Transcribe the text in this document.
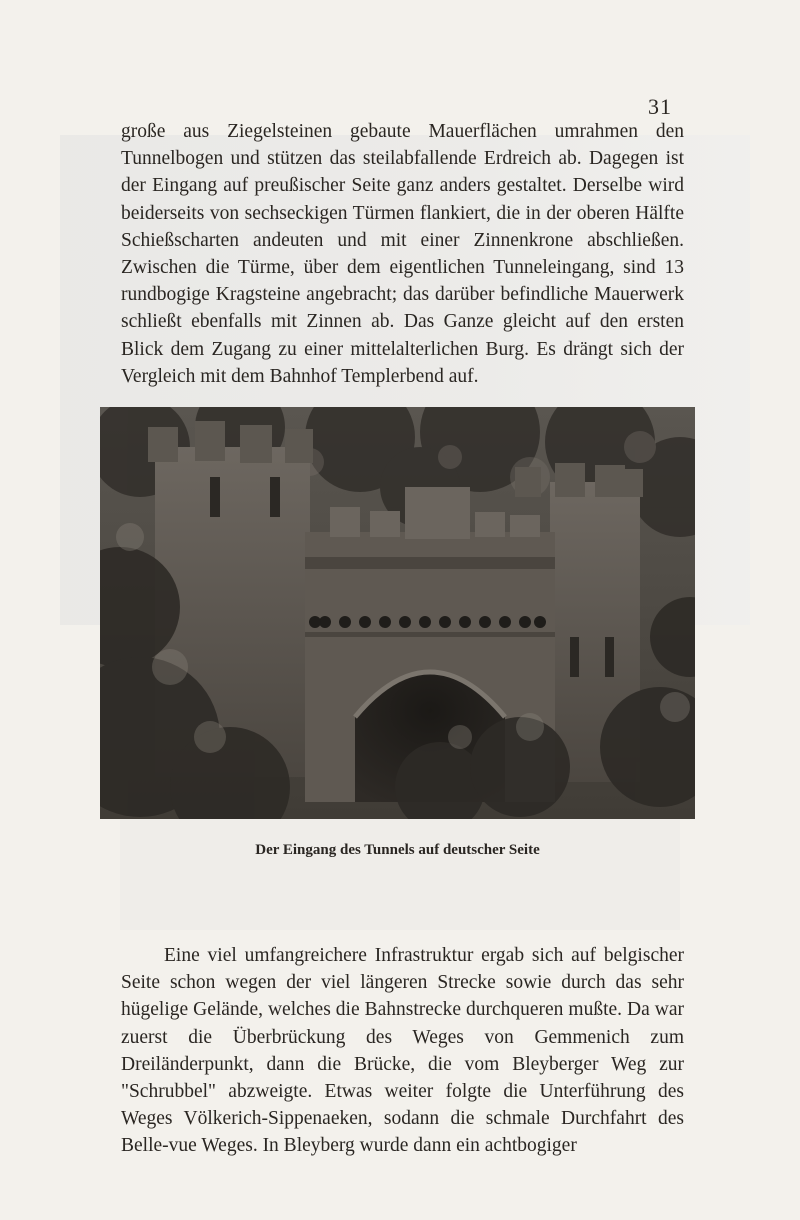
31

große aus Ziegelsteinen gebaute Mauerflächen umrahmen den Tunnelbogen und stützen das steilabfallende Erdreich ab. Dagegen ist der Eingang auf preußischer Seite ganz anders gestaltet. Derselbe wird beiderseits von sechseckigen Türmen flankiert, die in der oberen Hälfte Schießscharten andeuten und mit einer Zinnenkrone abschließen. Zwischen die Türme, über dem eigentlichen Tunneleingang, sind 13 rundbogige Kragsteine angebracht; das darüber befindliche Mauerwerk schließt ebenfalls mit Zinnen ab. Das Ganze gleicht auf den ersten Blick dem Zugang zu einer mittelalterlichen Burg. Es drängt sich der Vergleich mit dem Bahnhof Templerbend auf.

Der Eingang des Tunnels auf deutscher Seite

Eine viel umfangreichere Infrastruktur ergab sich auf belgischer Seite schon wegen der viel längeren Strecke sowie durch das sehr hügelige Gelände, welches die Bahnstrecke durchqueren mußte. Da war zuerst die Überbrückung des Weges von Gemmenich zum Dreiländerpunkt, dann die Brücke, die vom Bleyberger Weg zur "Schrubbel" abzweigte. Etwas weiter folgte die Unterführung des Weges Völkerich-Sippenaeken, sodann die schmale Durchfahrt des Belle-vue Weges. In Bleyberg wurde dann ein achtbogiger
